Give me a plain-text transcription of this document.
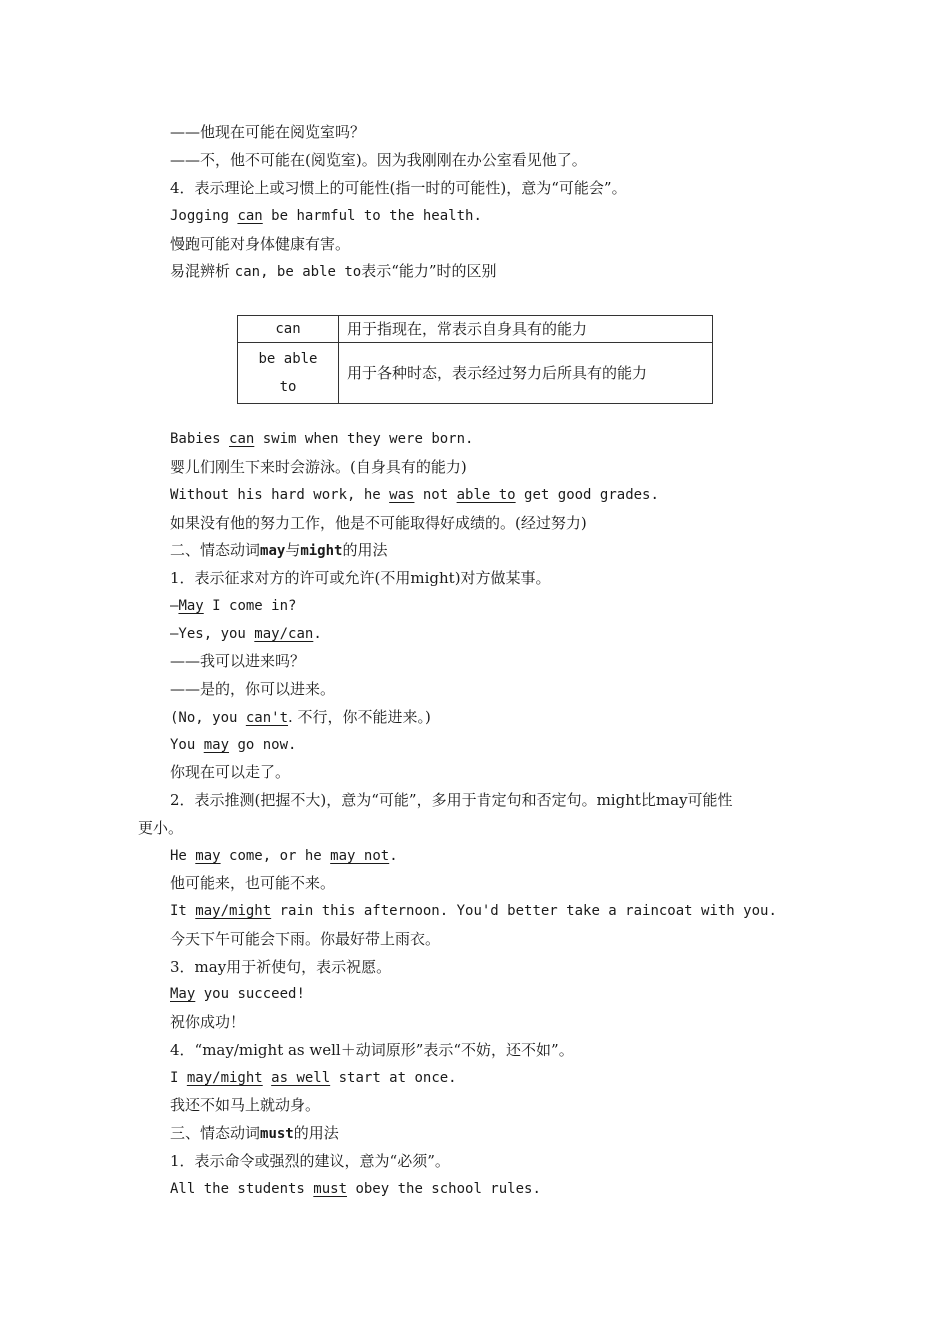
——他现在可能在阅览室吗？
——不，他不可能在(阅览室)。因为我刚刚在办公室看见他了。
4．表示理论上或习惯上的可能性(指一时的可能性)，意为“可能会”。
Jogging can be harmful to the health.
慢跑可能对身体健康有害。
易混辨析 can, be able to表示“能力”时的区别
can	用于指现在，常表示自身具有的能力
be able
to	用于各种时态，表示经过努力后所具有的能力
Babies can swim when they were born.
婴儿们刚生下来时会游泳。(自身具有的能力)
Without his hard work, he was not able to get good grades.
如果没有他的努力工作，他是不可能取得好成绩的。(经过努力)
二、情态动词may与might的用法
1．表示征求对方的许可或允许(不用might)对方做某事。
—May I come in?
—Yes, you may/can.
——我可以进来吗？
——是的，你可以进来。
(No, you can't. 不行，你不能进来。)
You may go now.
你现在可以走了。
2．表示推测(把握不大)，意为“可能”，多用于肯定句和否定句。might比may可能性
更小。
He may come, or he may not.
他可能来，也可能不来。
It may/might rain this afternoon. You'd better take a raincoat with you.
今天下午可能会下雨。你最好带上雨衣。
3．may用于祈使句，表示祝愿。
May you succeed!
祝你成功！
4．“may/might as well＋动词原形”表示“不妨，还不如”。
I may/might as well start at once.
我还不如马上就动身。
三、情态动词must的用法
1．表示命令或强烈的建议，意为“必须”。
All the students must obey the school rules.
